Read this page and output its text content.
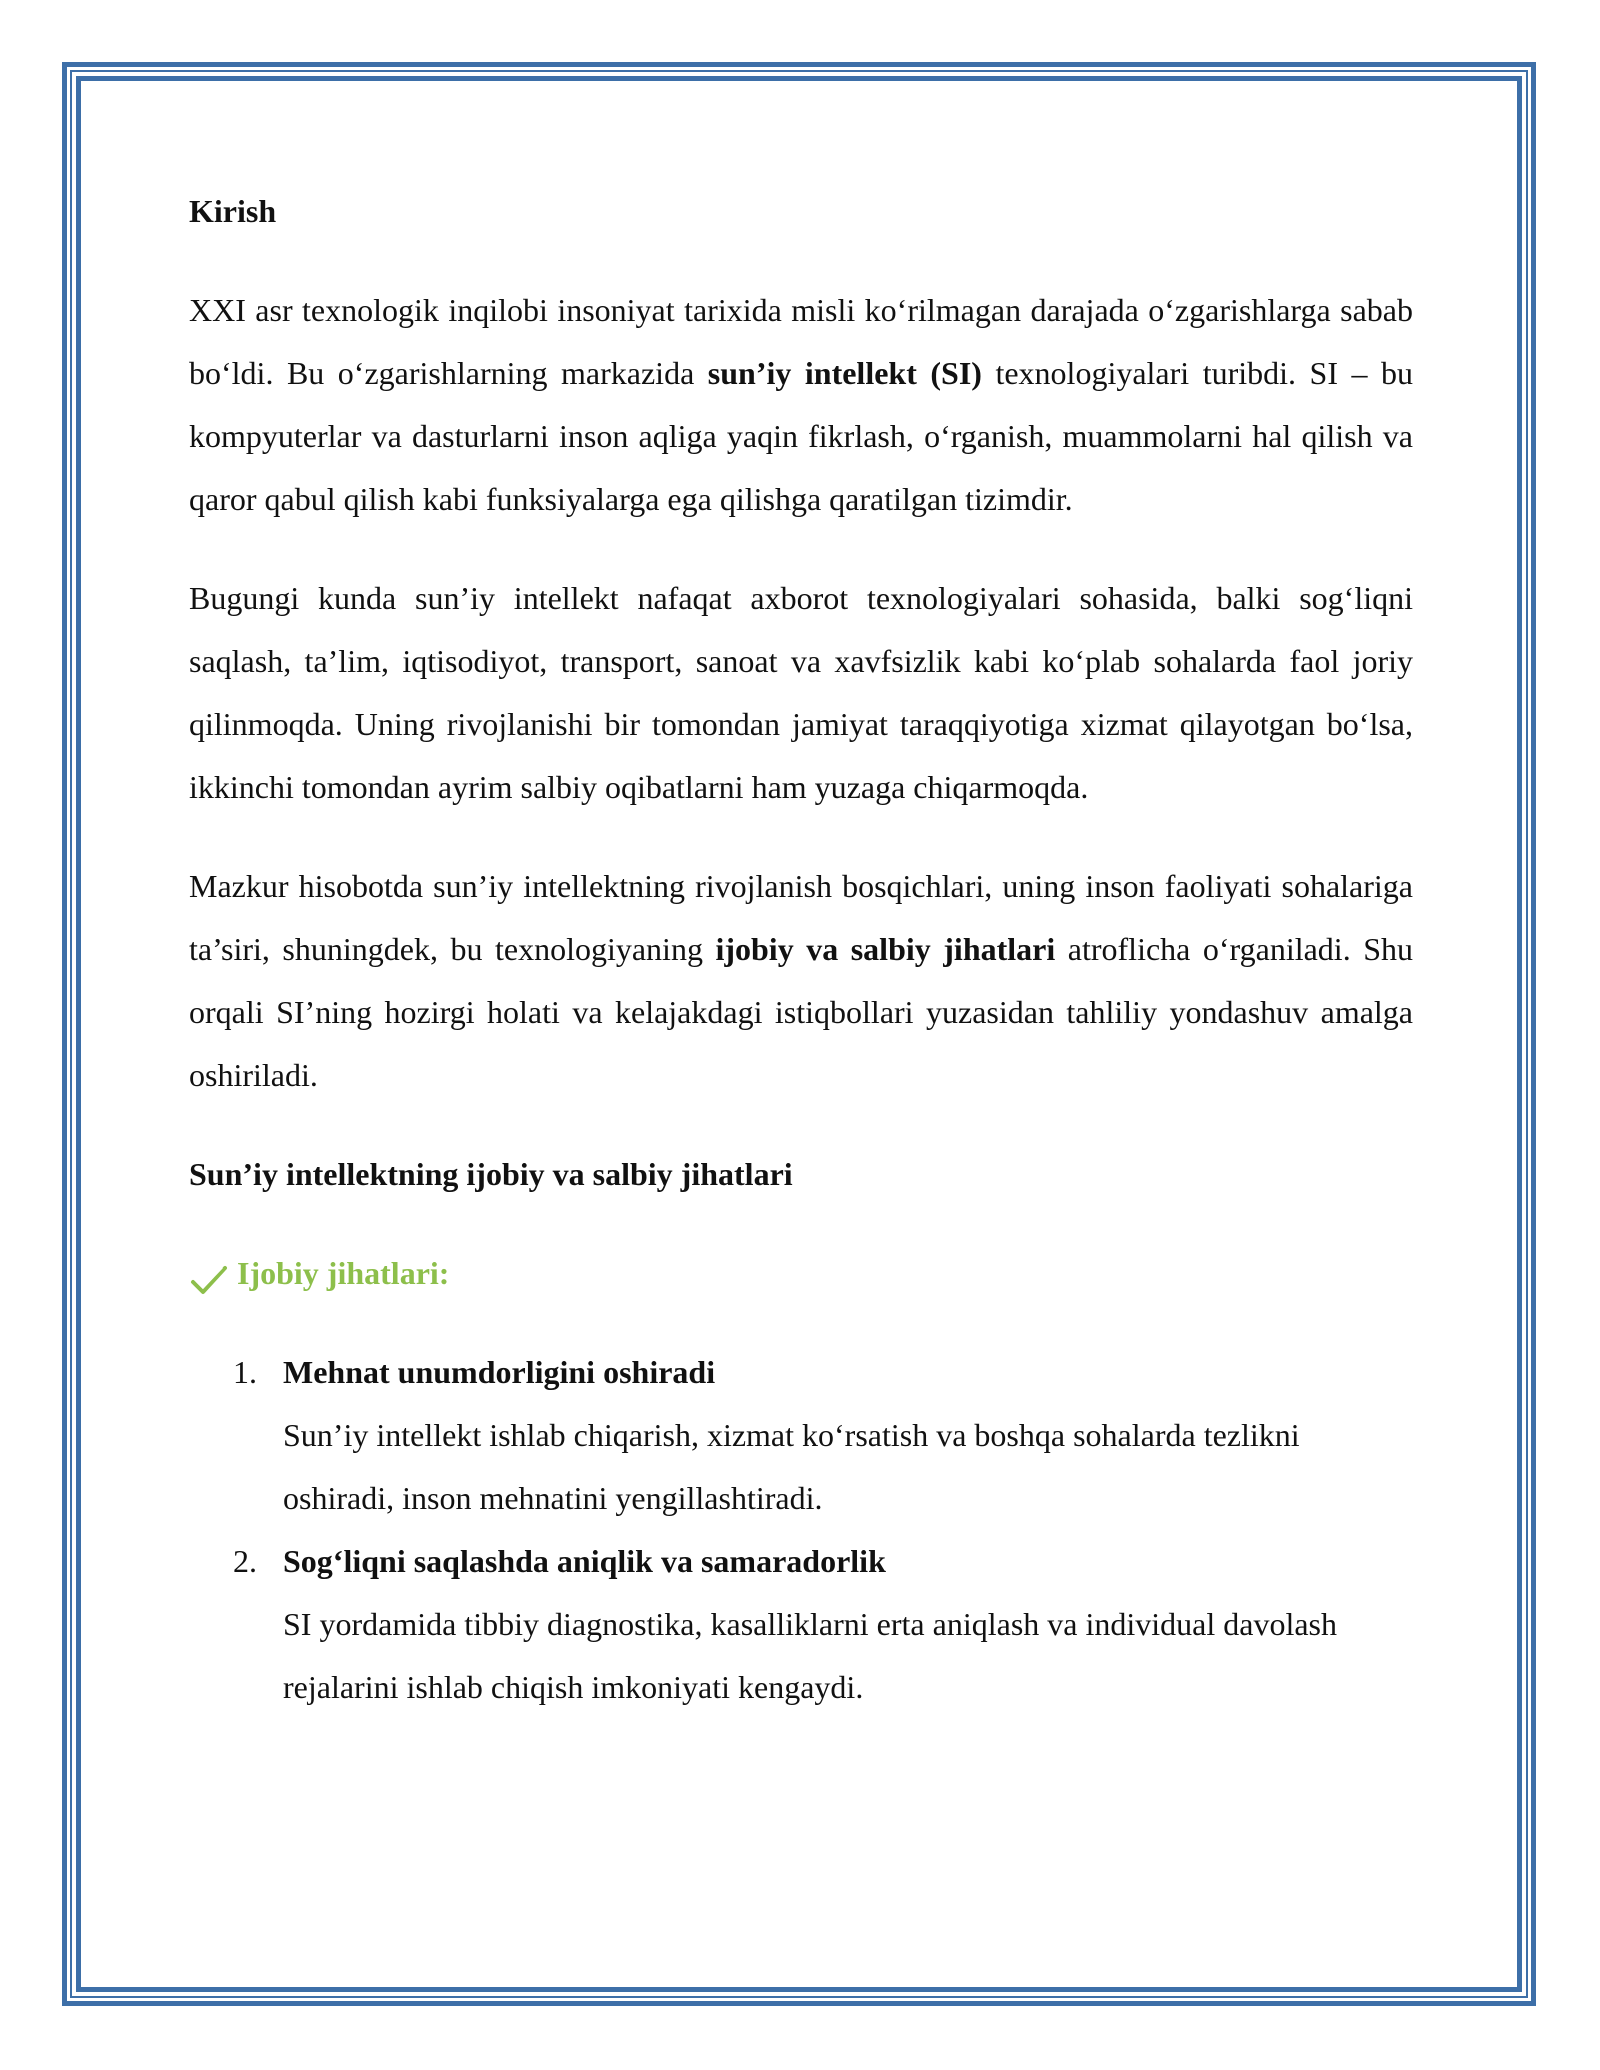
Kirish

XXI asr texnologik inqilobi insoniyat tarixida misli ko‘rilmagan darajada o‘zgarishlarga sabab bo‘ldi. Bu o‘zgarishlarning markazida sun’iy intellekt (SI) texnologiyalari turibdi. SI – bu kompyuterlar va dasturlarni inson aqliga yaqin fikrlash, o‘rganish, muammolarni hal qilish va qaror qabul qilish kabi funksiyalarga ega qilishga qaratilgan tizimdir.

Bugungi kunda sun’iy intellekt nafaqat axborot texnologiyalari sohasida, balki sog‘liqni saqlash, ta’lim, iqtisodiyot, transport, sanoat va xavfsizlik kabi ko‘plab sohalarda faol joriy qilinmoqda. Uning rivojlanishi bir tomondan jamiyat taraqqiyotiga xizmat qilayotgan bo‘lsa, ikkinchi tomondan ayrim salbiy oqibatlarni ham yuzaga chiqarmoqda.

Mazkur hisobotda sun’iy intellektning rivojlanish bosqichlari, uning inson faoliyati sohalariga ta’siri, shuningdek, bu texnologiyaning ijobiy va salbiy jihatlari atroflicha o‘rganiladi. Shu orqali SI’ning hozirgi holati va kelajakdagi istiqbollari yuzasidan tahliliy yondashuv amalga oshiriladi.

Sun’iy intellektning ijobiy va salbiy jihatlari
Ijobiy jihatlari:
1. Mehnat unumdorligini oshiradi
Sun’iy intellekt ishlab chiqarish, xizmat ko‘rsatish va boshqa sohalarda tezlikni oshiradi, inson mehnatini yengillashtiradi.
2. Sog‘liqni saqlashda aniqlik va samaradorlik
SI yordamida tibbiy diagnostika, kasalliklarni erta aniqlash va individual davolash rejalarini ishlab chiqish imkoniyati kengaydi.
